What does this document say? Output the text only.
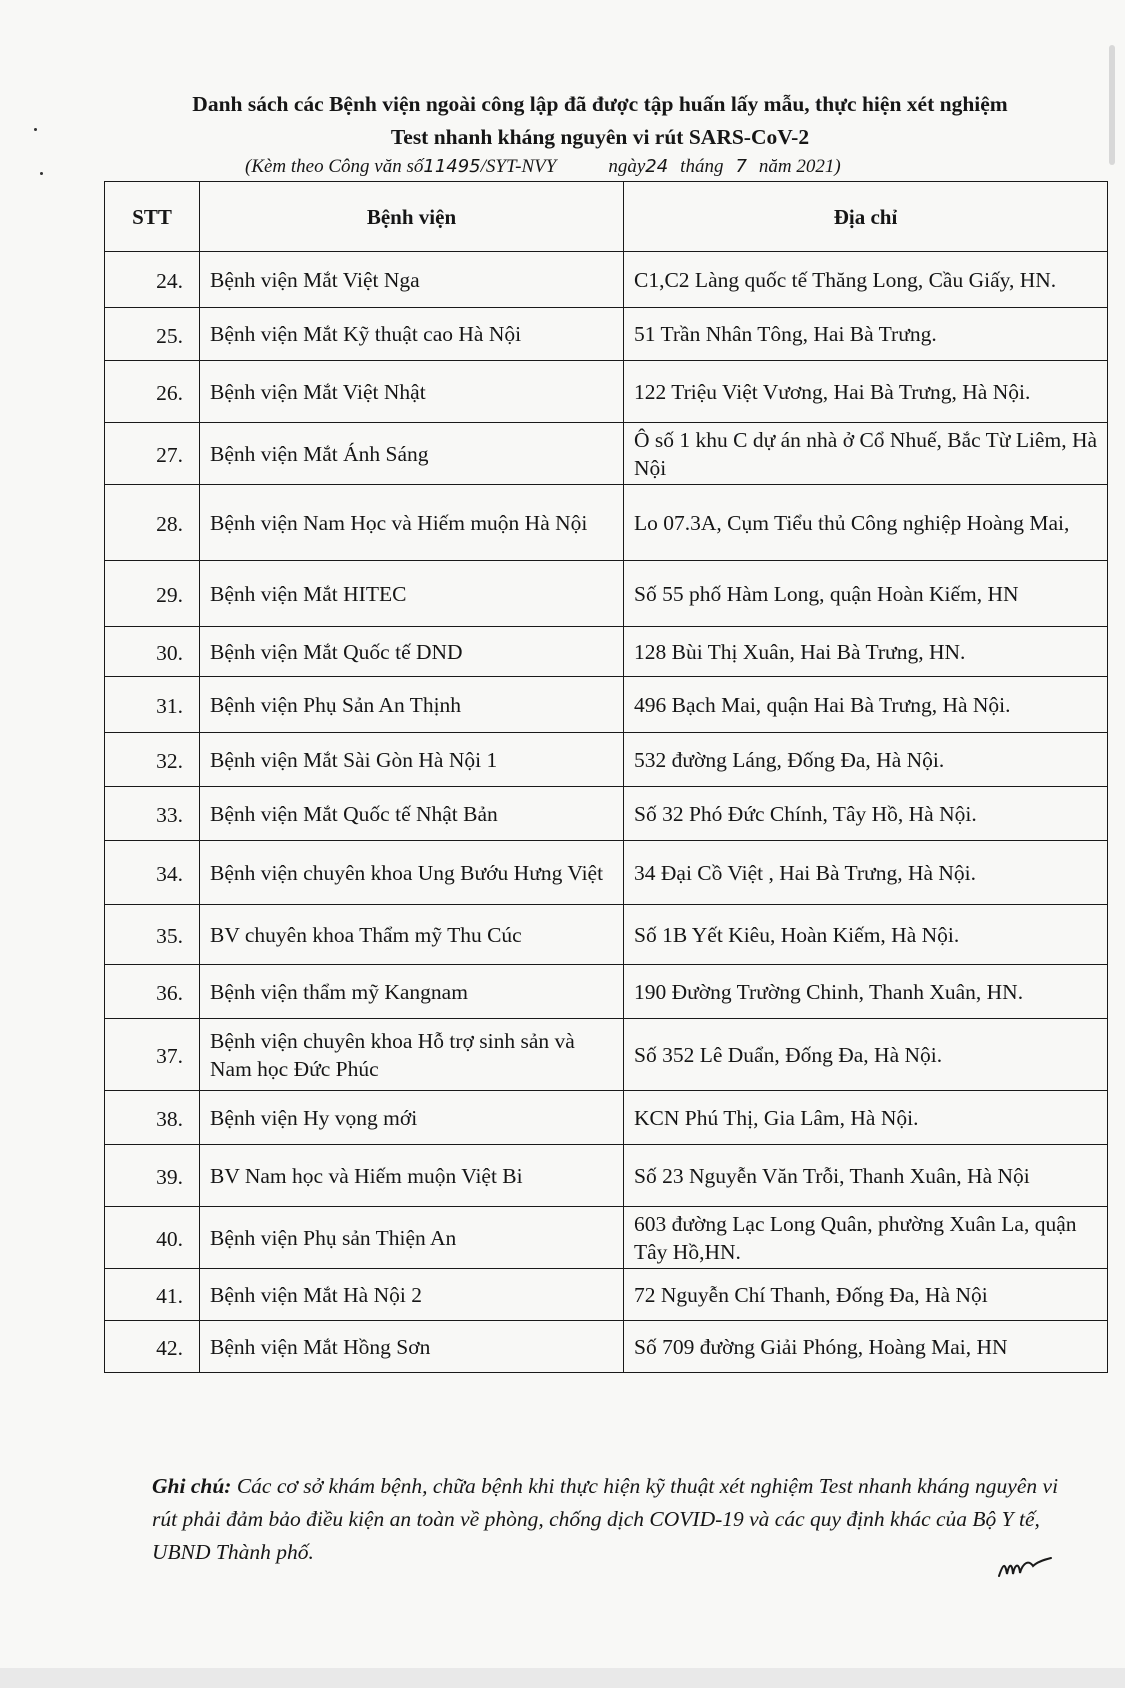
Danh sách các Bệnh viện ngoài công lập đã được tập huấn lấy mẫu, thực hiện xét nghiệm
Test nhanh kháng nguyên vi rút SARS-CoV-2
(Kèm theo Công văn số11495/SYT-NVY	ngày24 tháng 7 năm 2021)
STT	Bệnh viện	Địa chỉ
24.	Bệnh viện Mắt Việt Nga	C1,C2 Làng quốc tế Thăng Long, Cầu Giấy, HN.
25.	Bệnh viện Mắt Kỹ thuật cao Hà Nội	51 Trần Nhân Tông, Hai Bà Trưng.
26.	Bệnh viện Mắt Việt Nhật	122 Triệu Việt Vương, Hai Bà Trưng, Hà Nội.
27.	Bệnh viện Mắt Ánh Sáng	Ô số 1 khu C dự án nhà ở Cổ Nhuế, Bắc Từ Liêm, Hà Nội
28.	Bệnh viện Nam Học và Hiếm muộn Hà Nội	Lo 07.3A, Cụm Tiểu thủ Công nghiệp Hoàng Mai,
29.	Bệnh viện Mắt HITEC	Số 55 phố Hàm Long, quận Hoàn Kiếm, HN
30.	Bệnh viện Mắt Quốc tế DND	128 Bùi Thị Xuân, Hai Bà Trưng, HN.
31.	Bệnh viện Phụ Sản An Thịnh	496 Bạch Mai, quận Hai Bà Trưng, Hà Nội.
32.	Bệnh viện Mắt Sài Gòn Hà Nội 1	532 đường Láng, Đống Đa, Hà Nội.
33.	Bệnh viện Mắt Quốc tế Nhật Bản	Số 32 Phó Đức Chính, Tây Hồ, Hà Nội.
34.	Bệnh viện chuyên khoa Ung Bướu Hưng Việt	34 Đại Cồ Việt , Hai Bà Trưng, Hà Nội.
35.	BV chuyên khoa Thẩm mỹ Thu Cúc	Số 1B Yết Kiêu, Hoàn Kiếm, Hà Nội.
36.	Bệnh viện thẩm mỹ Kangnam	190 Đường Trường Chinh, Thanh Xuân, HN.
37.	Bệnh viện chuyên khoa Hỗ trợ sinh sản và Nam học Đức Phúc	Số 352 Lê Duẩn, Đống Đa, Hà Nội.
38.	Bệnh viện Hy vọng mới	KCN Phú Thị, Gia Lâm, Hà Nội.
39.	BV Nam học và Hiếm muộn Việt Bi	Số 23 Nguyễn Văn Trỗi, Thanh Xuân, Hà Nội
40.	Bệnh viện Phụ sản Thiện An	603 đường Lạc Long Quân, phường Xuân La, quận Tây Hồ,HN.
41.	Bệnh viện Mắt Hà Nội 2	72 Nguyễn Chí Thanh, Đống Đa, Hà Nội
42.	Bệnh viện Mắt Hồng Sơn	Số 709 đường Giải Phóng, Hoàng Mai, HN
Ghi chú: Các cơ sở khám bệnh, chữa bệnh khi thực hiện kỹ thuật xét nghiệm Test nhanh kháng nguyên vi rút phải đảm bảo điều kiện an toàn về phòng, chống dịch COVID-19 và các quy định khác của Bộ Y tế, UBND Thành phố.
